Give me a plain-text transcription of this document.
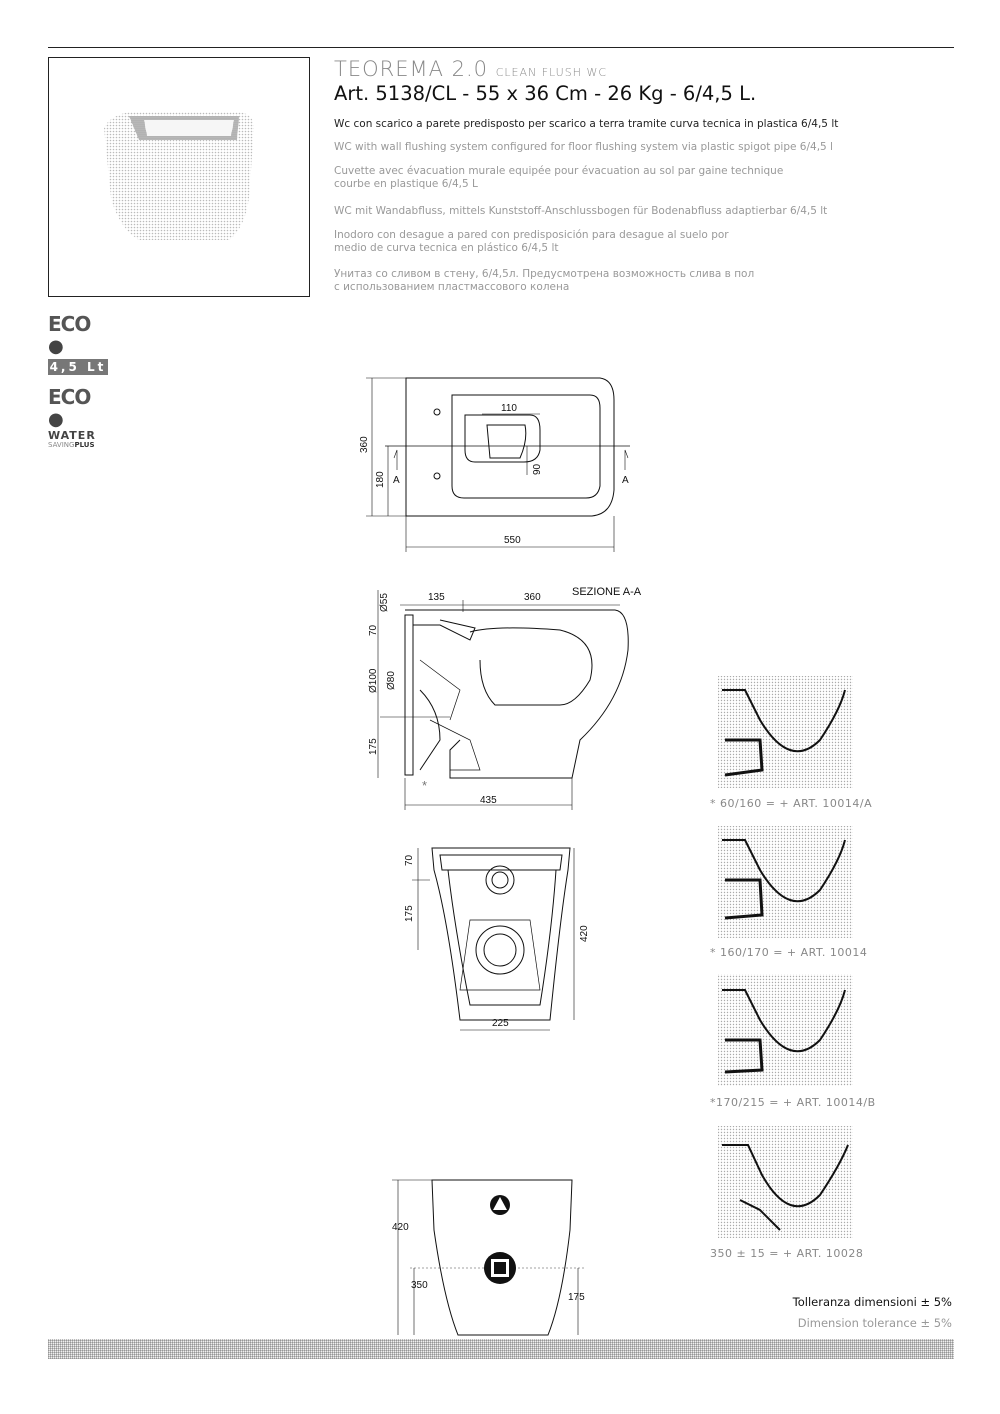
TEOREMA 2.0 CLEAN FLUSH WC
Art. 5138/CL - 55 x 36 Cm - 26 Kg - 6/4,5 L.
Wc con scarico a parete predisposto per scarico a terra tramite curva tecnica in plastica 6/4,5 lt
WC with wall flushing system configured for floor flushing system via plastic spigot pipe 6/4,5 l
Cuvette avec évacuation murale equipée pour évacuation au sol par gaine technique
courbe en plastique 6/4,5 L
WC mit Wandabfluss, mittels Kunststoff-Anschlussbogen für Bodenabfluss adaptierbar 6/4,5 lt
Inodoro con desague a pared con predisposición para desague al suelo por
medio de curva tecnica en plástico 6/4,5 lt
Унитаз со сливом в стену, 6/4,5л. Предусмотрена возможность слива в пол
с использованием пластмассового колена
ECO ●
4,5 Lt
ECO ●
WATER
SAVINGPLUS	360
180
110
90
550
A	A
SEZIONE A-A
Ø55	135	360
70
Ø100 Ø80
175
435
*
70
175
420
225
420
350
175
* 60/160 = + ART. 10014/A
* 160/170 = + ART. 10014
*170/215 = + ART. 10014/B
350 ± 15 = + ART. 10028
Tolleranza dimensioni ± 5%
Dimension tolerance ± 5%
